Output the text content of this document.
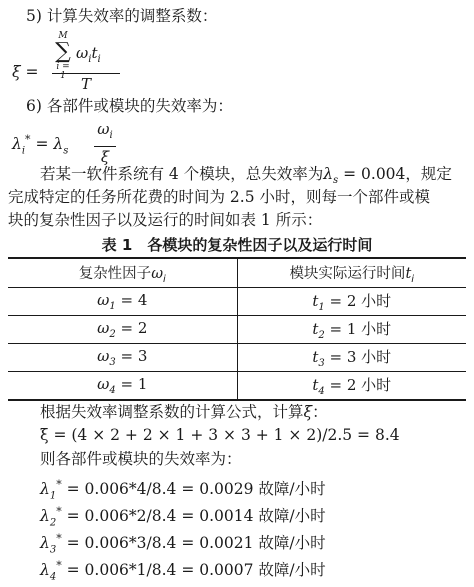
5) 计算失效率的调整系数：
ξ =
M
∑
i = 1
$\omega_it_i$
T
6) 各部件或模块的失效率为：
$\lambda_i^* = \lambda_s$
$\omega_i$
ξ
若某一软件系统有 4 个模块，总失效率为$\lambda_s = 0.004$，规定
完成特定的任务所花费的时间为 2.5 小时，则每一个部件或模
块的复杂性因子以及运行的时间如表 1 所示：
表 1　各模块的复杂性因子以及运行时间
复杂性因子$\omega_i$	模块实际运行时间$t_i$
$\omega_1 = 4$	$t_1 = 2$ 小时
$\omega_2 = 2$	$t_2 = 1$ 小时
$\omega_3 = 3$	$t_3 = 3$ 小时
$\omega_4 = 1$	$t_4 = 2$ 小时
根据失效率调整系数的计算公式，计算ξ：
ξ = (4 × 2 + 2 × 1 + 3 × 3 + 1 × 2)/2.5 = 8.4
则各部件或模块的失效率为：
$\lambda_1^* = 0.006*4/8.4 = 0.0029$ 故障/小时
$\lambda_2^* = 0.006*2/8.4 = 0.0014$ 故障/小时
$\lambda_3^* = 0.006*3/8.4 = 0.0021$ 故障/小时
$\lambda_4^* = 0.006*1/8.4 = 0.0007$ 故障/小时
